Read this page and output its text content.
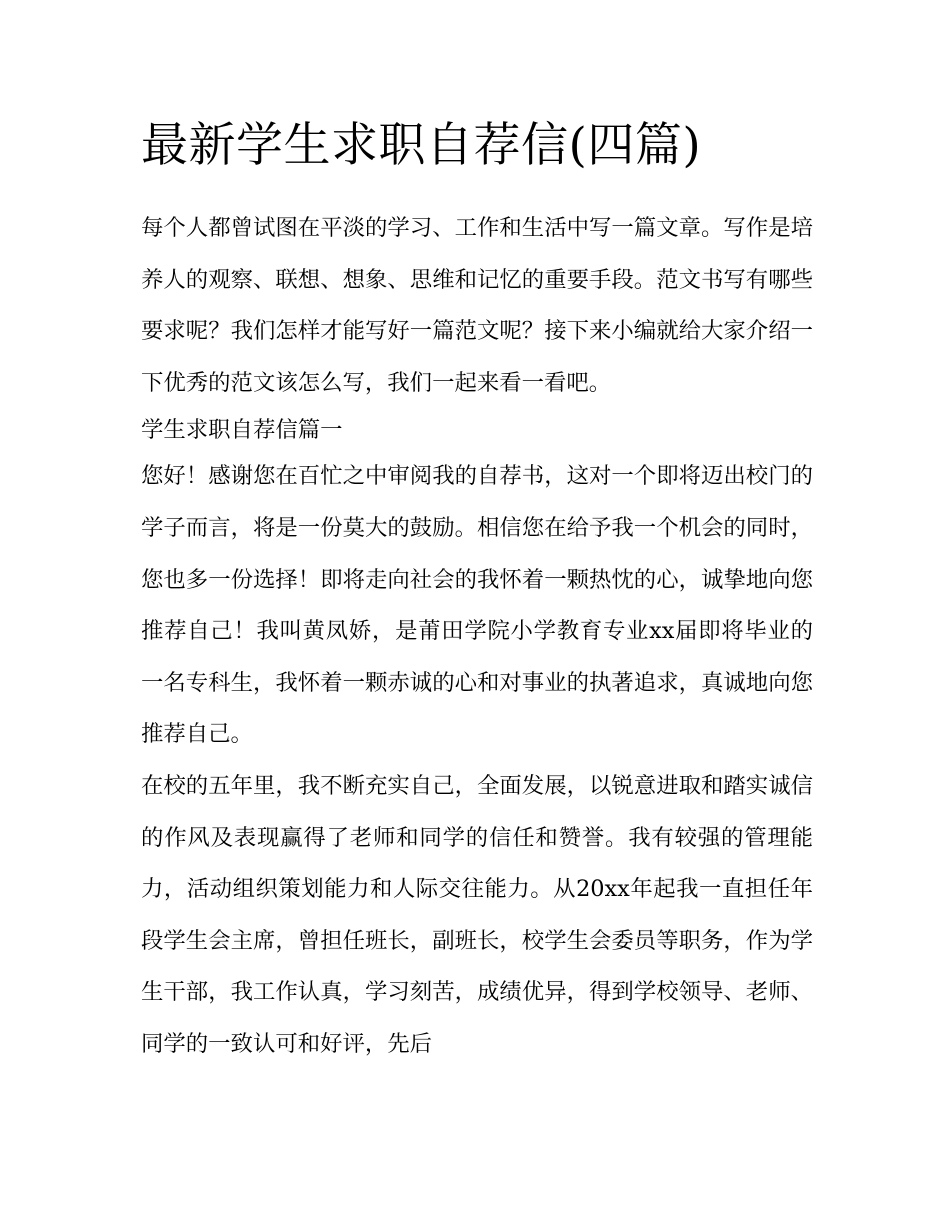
最新学生求职自荐信(四篇)

每个人都曾试图在平淡的学习、工作和生活中写一篇文章。写作是培养人的观察、联想、想象、思维和记忆的重要手段。范文书写有哪些要求呢？我们怎样才能写好一篇范文呢？接下来小编就给大家介绍一下优秀的范文该怎么写，我们一起来看一看吧。

学生求职自荐信篇一

您好！感谢您在百忙之中审阅我的自荐书，这对一个即将迈出校门的学子而言，将是一份莫大的鼓励。相信您在给予我一个机会的同时，您也多一份选择！即将走向社会的我怀着一颗热忱的心，诚挚地向您推荐自己！我叫黄凤娇，是莆田学院小学教育专业xx届即将毕业的一名专科生，我怀着一颗赤诚的心和对事业的执著追求，真诚地向您推荐自己。

在校的五年里，我不断充实自己，全面发展，以锐意进取和踏实诚信的作风及表现赢得了老师和同学的信任和赞誉。我有较强的管理能力，活动组织策划能力和人际交往能力。从20xx年起我一直担任年段学生会主席，曾担任班长，副班长，校学生会委员等职务，作为学生干部，我工作认真，学习刻苦，成绩优异，得到学校领导、老师、同学的一致认可和好评，先后
